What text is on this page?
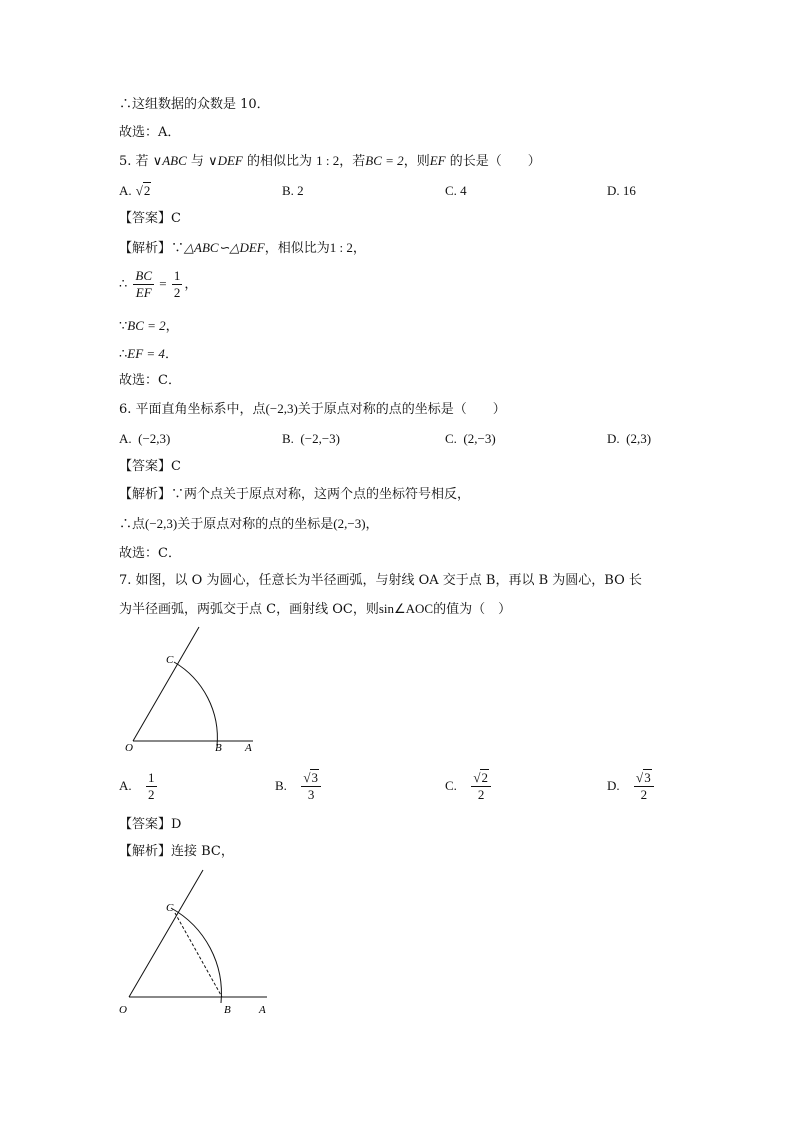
∴这组数据的众数是 10．
故选：A．
5. 若 ∨ABC 与 ∨DEF 的相似比为 1 : 2，若BC = 2，则EF 的长是（　　）
A. √2	B. 2	C. 4	D. 16
【答案】C
【解析】∵△ABC∽△DEF，相似比为1 : 2，
∴ $\frac{BC}{EF} = \frac{1}{2}$ ，
∵BC = 2，
∴EF = 4．
故选：C．
6. 平面直角坐标系中，点(−2,3)关于原点对称的点的坐标是（　　）
A. (−2,3)	B. (−2,−3)	C. (2,−3)	D. (2,3)
【答案】C
【解析】∵两个点关于原点对称，这两个点的坐标符号相反，
∴点(−2,3)关于原点对称的点的坐标是(2,−3)，
故选：C．
7. 如图，以 O 为圆心，任意长为半径画弧，与射线 OA 交于点 B，再以 B 为圆心，BO 长
为半径画弧，两弧交于点 C，画射线 OC，则sin∠AOC的值为（　）
O	B A
C
A. $\frac{1}{2}$	B. $\frac{√3}{3}$	C. $\frac{√2}{2}$	D. $\frac{√3}{2}$
【答案】D
【解析】连接 BC，
O	B	A
C
